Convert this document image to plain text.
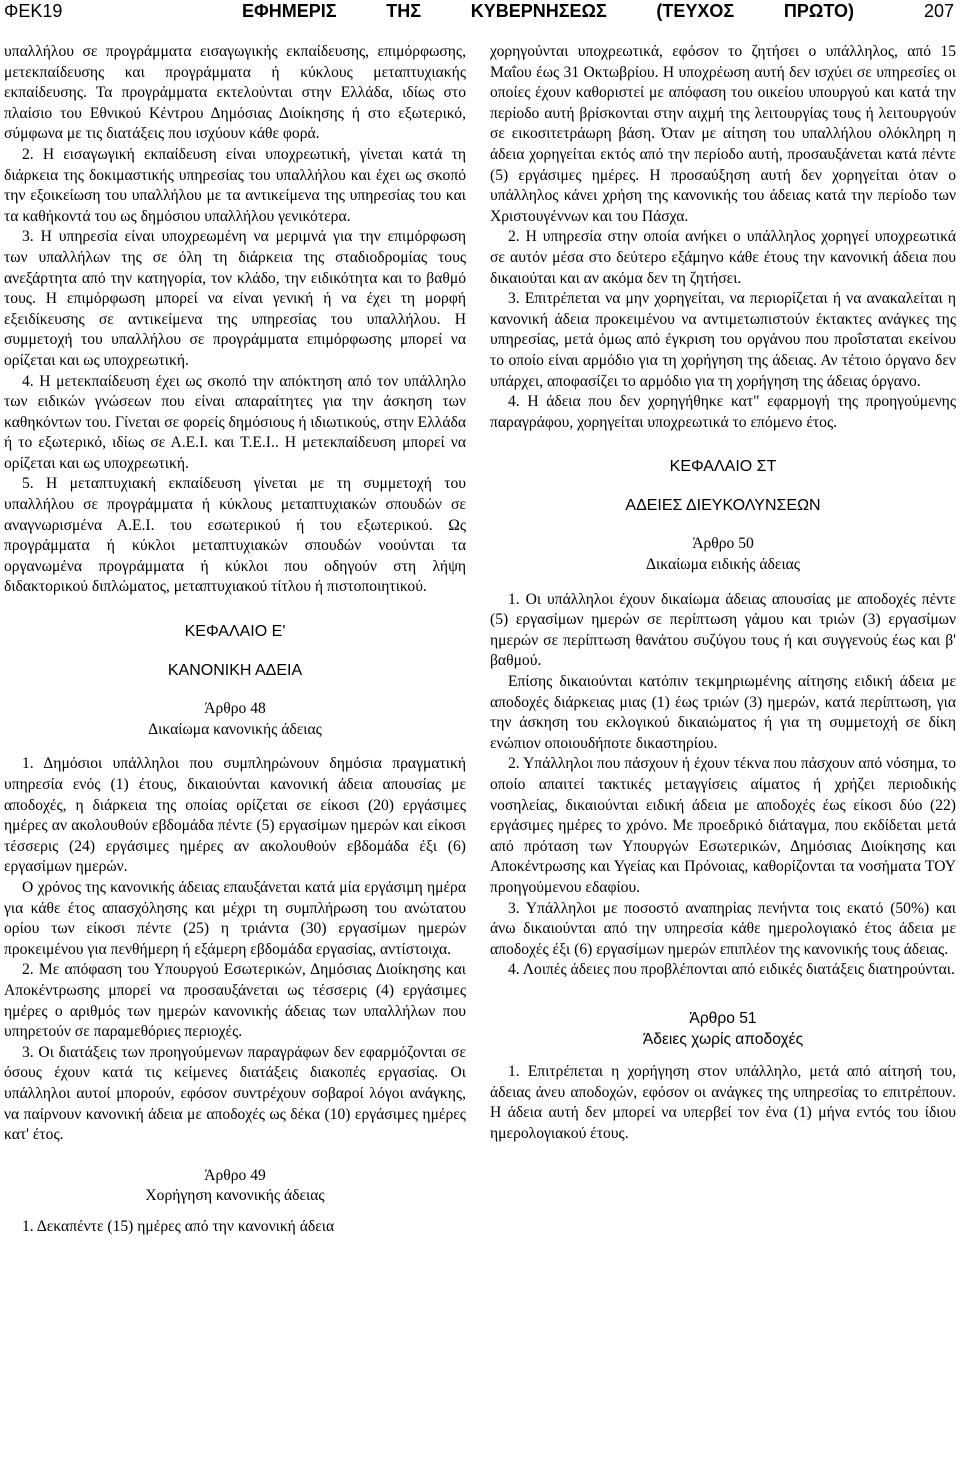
ΦΕΚ19	ΕΦΗΜΕΡΙΣ	ΤΗΣ	ΚΥΒΕΡΝΗΣΕΩΣ	(ΤΕΥΧΟΣ	ΠΡΩΤΟ)	207

υπαλλήλου σε προγράμματα εισαγωγικής εκπαίδευσης, επιμόρφωσης, μετεκπαίδευσης και προγράμματα ή κύκλους μεταπτυχιακής εκπαίδευσης. Τα προγράμματα εκτελούνται στην Ελλάδα, ιδίως στο πλαίσιο του Εθνικού Κέντρου Δημόσιας Διοίκησης ή στο εξωτερικό, σύμφωνα με τις διατάξεις που ισχύουν κάθε φορά.

2. Η εισαγωγική εκπαίδευση είναι υποχρεωτική, γίνεται κατά τη διάρκεια της δοκιμαστικής υπηρεσίας του υπαλλήλου και έχει ως σκοπό την εξοικείωση του υπαλλήλου με τα αντικείμενα της υπηρεσίας του και τα καθήκοντά του ως δημόσιου υπαλλήλου γενικότερα.

3. Η υπηρεσία είναι υποχρεωμένη να μεριμνά για την επιμόρφωση των υπαλλήλων της σε όλη τη διάρκεια της σταδιοδρομίας τους ανεξάρτητα από την κατηγορία, τον κλάδο, την ειδικότητα και το βαθμό τους. Η επιμόρφωση μπορεί να είναι γενική ή να έχει τη μορφή εξειδίκευσης σε αντικείμενα της υπηρεσίας του υπαλλήλου. Η συμμετοχή του υπαλλήλου σε προγράμματα επιμόρφωσης μπορεί να ορίζεται και ως υποχρεωτική.

4. Η μετεκπαίδευση έχει ως σκοπό την απόκτηση από τον υπάλληλο των ειδικών γνώσεων που είναι απαραίτητες για την άσκηση των καθηκόντων του. Γίνεται σε φορείς δημόσιους ή ιδιωτικούς, στην Ελλάδα ή το εξωτερικό, ιδίως σε Α.Ε.Ι. και Τ.Ε.Ι.. Η μετεκπαίδευση μπορεί να ορίζεται και ως υποχρεωτική.

5. Η μεταπτυχιακή εκπαίδευση γίνεται με τη συμμετοχή του υπαλλήλου σε προγράμματα ή κύκλους μεταπτυχιακών σπουδών σε αναγνωρισμένα Α.Ε.Ι. του εσωτερικού ή του εξωτερικού. Ως προγράμματα ή κύκλοι μεταπτυχιακών σπουδών νοούνται τα οργανωμένα προγράμματα ή κύκλοι που οδηγούν στη λήψη διδακτορικού διπλώματος, μεταπτυχιακού τίτλου ή πιστοποιητικού.

ΚΕΦΑΛΑΙΟ Ε'

ΚΑΝΟΝΙΚΗ ΑΔΕΙΑ

Άρθρο 48

Δικαίωμα κανονικής άδειας

1. Δημόσιοι υπάλληλοι που συμπληρώνουν δημόσια πραγματική υπηρεσία ενός (1) έτους, δικαιούνται κανονική άδεια απουσίας με αποδοχές, η διάρκεια της οποίας ορίζεται σε είκοσι (20) εργάσιμες ημέρες αν ακολουθούν εβδομάδα πέντε (5) εργασίμων ημερών και είκοσι τέσσερις (24) εργάσιμες ημέρες αν ακολουθούν εβδομάδα έξι (6) εργασίμων ημερών.

Ο χρόνος της κανονικής άδειας επαυξάνεται κατά μία εργάσιμη ημέρα για κάθε έτος απασχόλησης και μέχρι τη συμπλήρωση του ανώτατου ορίου των είκοσι πέντε (25) η τριάντα (30) εργασίμων ημερών προκειμένου για πενθήμερη ή εξάμερη εβδομάδα εργασίας, αντίστοιχα.

2. Με απόφαση του Υπουργού Εσωτερικών, Δημόσιας Διοίκησης και Αποκέντρωσης μπορεί να προσαυξάνεται ως τέσσερις (4) εργάσιμες ημέρες ο αριθμός των ημερών κανονικής άδειας των υπαλλήλων που υπηρετούν σε παραμεθόριες περιοχές.

3. Οι διατάξεις των προηγούμενων παραγράφων δεν εφαρμόζονται σε όσους έχουν κατά τις κείμενες διατάξεις διακοπές εργασίας. Οι υπάλληλοι αυτοί μπορούν, εφόσον συντρέχουν σοβαροί λόγοι ανάγκης, να παίρνουν κανονική άδεια με αποδοχές ως δέκα (10) εργάσιμες ημέρες κατ' έτος.

Άρθρο 49

Χορήγηση κανονικής άδειας

1. Δεκαπέντε (15) ημέρες από την κανονική άδεια

χορηγούνται υποχρεωτικά, εφόσον το ζητήσει ο υπάλληλος, από 15 Μαΐου έως 31 Οκτωβρίου. Η υποχρέωση αυτή δεν ισχύει σε υπηρεσίες οι οποίες έχουν καθοριστεί με απόφαση του οικείου υπουργού και κατά την περίοδο αυτή βρίσκονται στην αιχμή της λειτουργίας τους ή λειτουργούν σε εικοσιτετράωρη βάση. Όταν με αίτηση του υπαλλήλου ολόκληρη η άδεια χορηγείται εκτός από την περίοδο αυτή, προσαυξάνεται κατά πέντε (5) εργάσιμες ημέρες. Η προσαύξηση αυτή δεν χορηγείται όταν ο υπάλληλος κάνει χρήση της κανονικής του άδειας κατά την περίοδο των Χριστουγέννων και του Πάσχα.

2. Η υπηρεσία στην οποία ανήκει ο υπάλληλος χορηγεί υποχρεωτικά σε αυτόν μέσα στο δεύτερο εξάμηνο κάθε έτους την κανονική άδεια που δικαιούται και αν ακόμα δεν τη ζητήσει.

3. Επιτρέπεται να μην χορηγείται, να περιορίζεται ή να ανακαλείται η κανονική άδεια προκειμένου να αντιμετωπιστούν έκτακτες ανάγκες της υπηρεσίας, μετά όμως από έγκριση του οργάνου που προΐσταται εκείνου το οποίο είναι αρμόδιο για τη χορήγηση της άδειας. Αν τέτοιο όργανο δεν υπάρχει, αποφασίζει το αρμόδιο για τη χορήγηση της άδειας όργανο.

4. Η άδεια που δεν χορηγήθηκε κατ" εφαρμογή της προηγούμενης παραγράφου, χορηγείται υποχρεωτικά το επόμενο έτος.

ΚΕΦΑΛΑΙΟ ΣΤ

ΑΔΕΙΕΣ ΔΙΕΥΚΟΛΥΝΣΕΩΝ

Άρθρο 50

Δικαίωμα ειδικής άδειας

1. Οι υπάλληλοι έχουν δικαίωμα άδειας απουσίας με αποδοχές πέντε (5) εργασίμων ημερών σε περίπτωση γάμου και τριών (3) εργασίμων ημερών σε περίπτωση θανάτου συζύγου τους ή και συγγενούς έως και β' βαθμού.

Επίσης δικαιούνται κατόπιν τεκμηριωμένης αίτησης ειδική άδεια με αποδοχές διάρκειας μιας (1) έως τριών (3) ημερών, κατά περίπτωση, για την άσκηση του εκλογικού δικαιώματος ή για τη συμμετοχή σε δίκη ενώπιον οποιουδήποτε δικαστηρίου.

2. Υπάλληλοι που πάσχουν ή έχουν τέκνα που πάσχουν από νόσημα, το οποίο απαιτεί τακτικές μεταγγίσεις αίματος ή χρήζει περιοδικής νοσηλείας, δικαιούνται ειδική άδεια με αποδοχές έως είκοσι δύο (22) εργάσιμες ημέρες το χρόνο. Με προεδρικό διάταγμα, που εκδίδεται μετά από πρόταση των Υπουργών Εσωτερικών, Δημόσιας Διοίκησης και Αποκέντρωσης και Υγείας και Πρόνοιας, καθορίζονται τα νοσήματα ΤΟΥ προηγούμενου εδαφίου.

3. Υπάλληλοι με ποσοστό αναπηρίας πενήντα τοις εκατό (50%) και άνω δικαιούνται από την υπηρεσία κάθε ημερολογιακό έτος άδεια με αποδοχές έξι (6) εργασίμων ημερών επιπλέον της κανονικής τους άδειας.

4. Λοιπές άδειες που προβλέπονται από ειδικές διατάξεις διατηρούνται.

Άρθρο 51

Άδειες χωρίς αποδοχές

1. Επιτρέπεται η χορήγηση στον υπάλληλο, μετά από αίτησή του, άδειας άνευ αποδοχών, εφόσον οι ανάγκες της υπηρεσίας το επιτρέπουν. Η άδεια αυτή δεν μπορεί να υπερβεί τον ένα (1) μήνα εντός του ίδιου ημερολογιακού έτους.
